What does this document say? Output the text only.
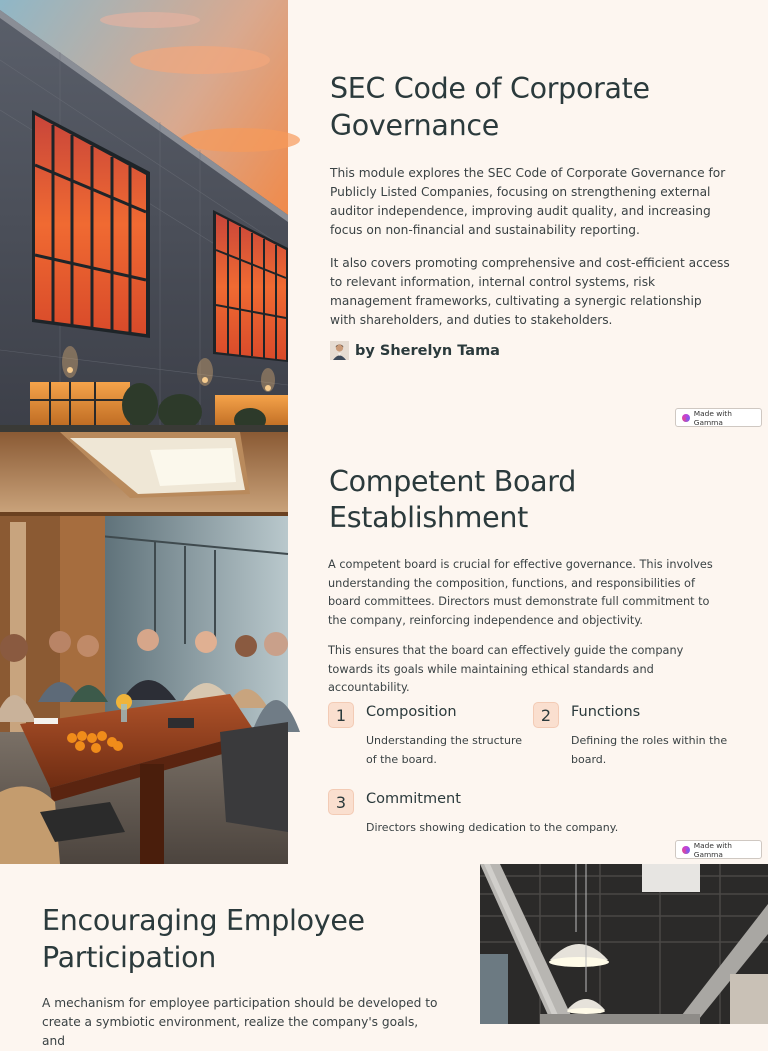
SEC Code of Corporate Governance

This module explores the SEC Code of Corporate Governance for Publicly Listed Companies, focusing on strengthening external auditor independence, improving audit quality, and increasing focus on non-financial and sustainability reporting.

It also covers promoting comprehensive and cost-efficient access to relevant information, internal control systems, risk management frameworks, cultivating a synergic relationship with shareholders, and duties to stakeholders.

by Sherelyn Tama
Made with Gamma
Competent Board Establishment

A competent board is crucial for effective governance. This involves understanding the composition, functions, and responsibilities of board committees. Directors must demonstrate full commitment to the company, reinforcing independence and objectivity.

This ensures that the board can effectively guide the company towards its goals while maintaining ethical standards and accountability.

1	Composition
Understanding the structure of the board.
2	Functions
Defining the roles within the board.
3	Commitment
Directors showing dedication to the company.
Made with Gamma
Encouraging Employee Participation

A mechanism for employee participation should be developed to create a symbiotic environment, realize the company's goals, and
